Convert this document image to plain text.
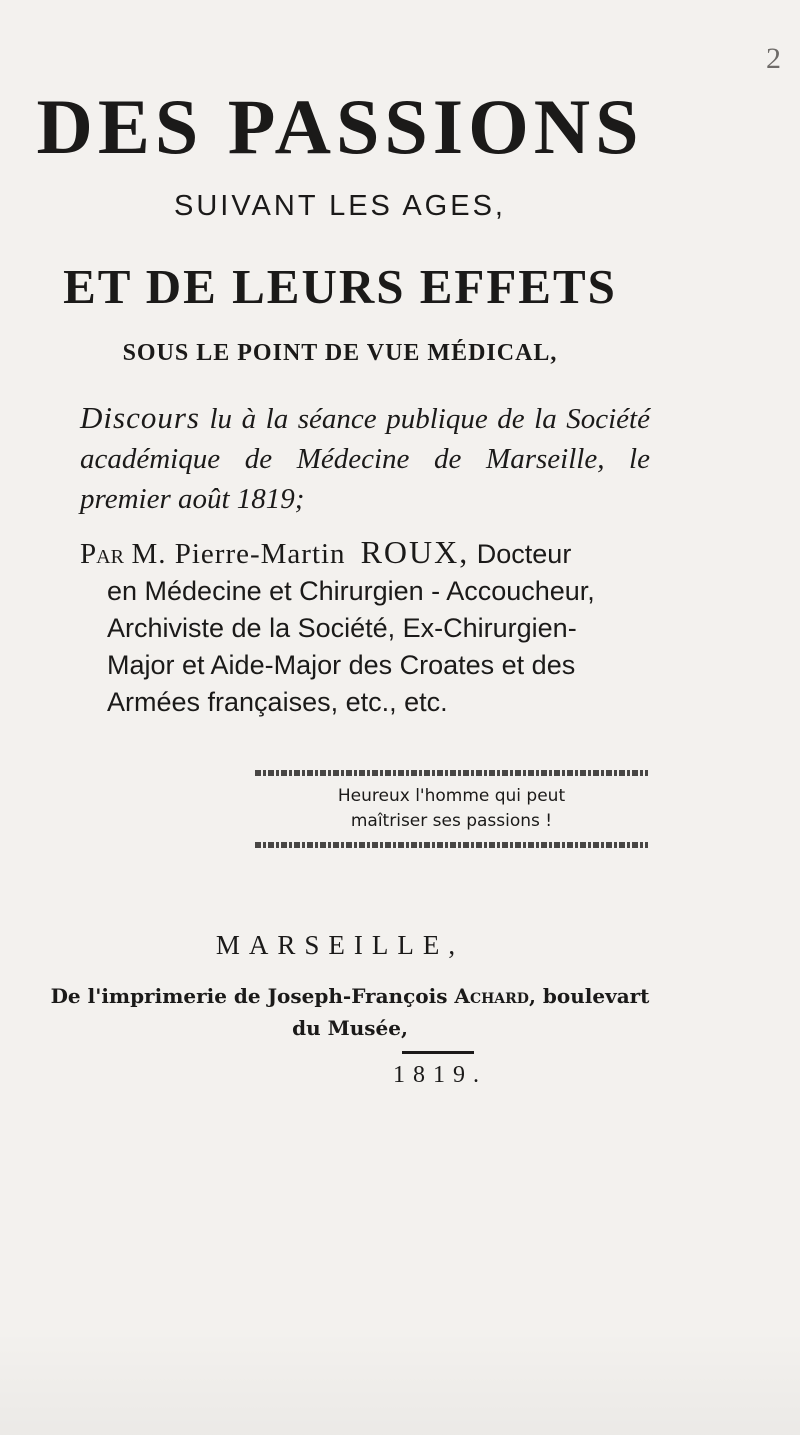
2
DES PASSIONS
SUIVANT LES AGES,
ET DE LEURS EFFETS
SOUS LE POINT DE VUE MÉDICAL,
Discours lu à la séance publique de la Société académique de Médecine de Marseille, le premier août 1819;
Par M. Pierre-Martin ROUX, Docteur
en Médecine et Chirurgien - Accoucheur,
Archiviste de la Société, Ex-Chirurgien-
Major et Aide-Major des Croates et des
Armées françaises, etc., etc.
Heureux l'homme qui peut
maîtriser ses passions !
MARSEILLE,
De l'imprimerie de Joseph-François Achard, boulevart
du Musée,
1819.
